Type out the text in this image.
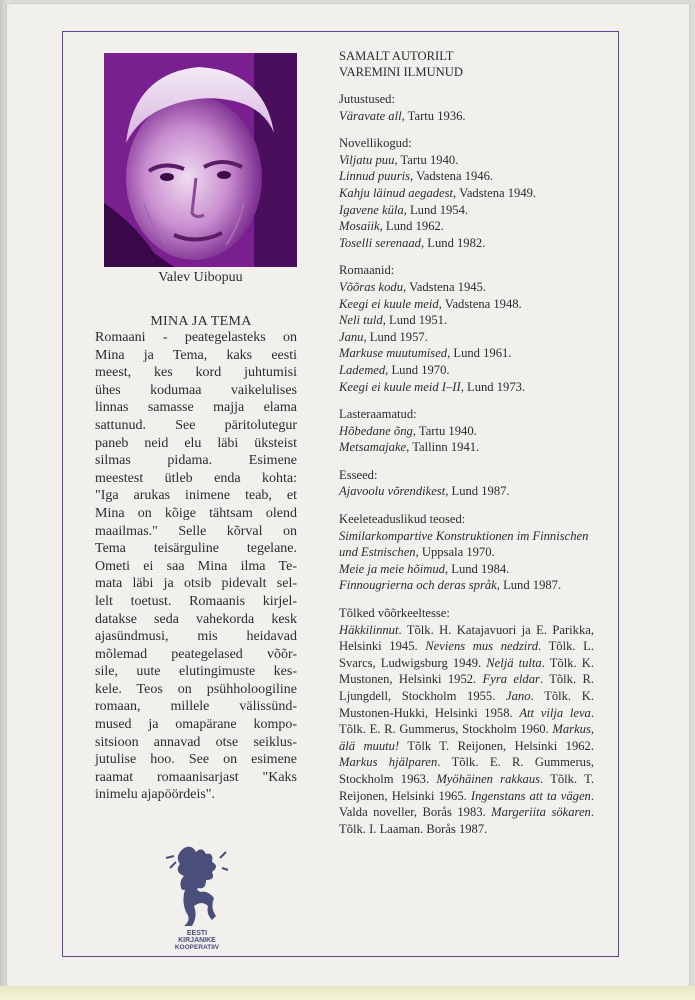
Valev Uibopuu
MINA JA TEMA
Romaani - peategelasteks on
Mina ja Tema, kaks eesti
meest, kes kord juhtumisi
ühes kodumaa vaikelulises
linnas samasse majja elama
sattunud. See päritolutegur
paneb neid elu läbi üksteist
silmas pidama. Esimene
meestest ütleb enda kohta:
"Iga arukas inimene teab, et
Mina on kõige tähtsam olend
maailmas." Selle kõrval on
Tema teisärguline tegelane.
Ometi ei saa Mina ilma Te-
mata läbi ja otsib pidevalt sel-
lelt toetust. Romaanis kirjel-
datakse seda vahekorda kesk
ajasündmusi, mis heidavad
mõlemad peategelased võõr-
sile, uute elutingimuste kes-
kele. Teos on psühholoogiline
romaan, millele välissünd-
mused ja omapärane kompo-
sitsioon annavad otse seiklus-
jutulise hoo. See on esimene
raamat romaanisarjast "Kaks
inimelu ajapöördeis".
EESTI
KIRJANIKE
KOOPERATIIV
SAMALT AUTORILT
VAREMINI ILMUNUD
Jutustused:
Väravate all, Tartu 1936.
Novellikogud:
Viljatu puu, Tartu 1940.
Linnud puuris, Vadstena 1946.
Kahju läinud aegadest, Vadstena 1949.
Igavene küla, Lund 1954.
Mosaiik, Lund 1962.
Toselli serenaad, Lund 1982.
Romaanid:
Võõras kodu, Vadstena 1945.
Keegi ei kuule meid, Vadstena 1948.
Neli tuld, Lund 1951.
Janu, Lund 1957.
Markuse muutumised, Lund 1961.
Lademed, Lund 1970.
Keegi ei kuule meid I–II, Lund 1973.
Lasteraamatud:
Hõbedane õng, Tartu 1940.
Metsamajake, Tallinn 1941.
Esseed:
Ajavoolu võrendikest, Lund 1987.
Keeleteaduslikud teosed:
Similarkompartive Konstruktionen im Finnischen und Estnischen, Uppsala 1970.
Meie ja meie hõimud, Lund 1984.
Finnougrierna och deras språk, Lund 1987.
Tõlked võõrkeeltesse:
Häkkilinnut. Tõlk. H. Katajavuori ja E. Parikka, Helsinki 1945. Neviens mus nedzird. Tõlk. L. Svarcs, Ludwigsburg 1949. Neljä tulta. Tõlk. K. Mustonen, Helsinki 1952. Fyra eldar. Tõlk. R. Ljungdell, Stockholm 1955. Jano. Tõlk. K. Mustonen-Hukki, Helsinki 1958. Att vilja leva. Tõlk. E. R. Gummerus, Stockholm 1960. Markus, älä muutu! Tõlk T. Reijonen, Helsinki 1962. Markus hjälparen. Tõlk. E. R. Gummerus, Stockholm 1963. Myöhäinen rakkaus. Tõlk. T. Reijonen, Helsinki 1965. Ingenstans att ta vägen. Valda noveller, Borås 1983. Margeriita sökaren. Tõlk. I. Laaman. Borås 1987.
